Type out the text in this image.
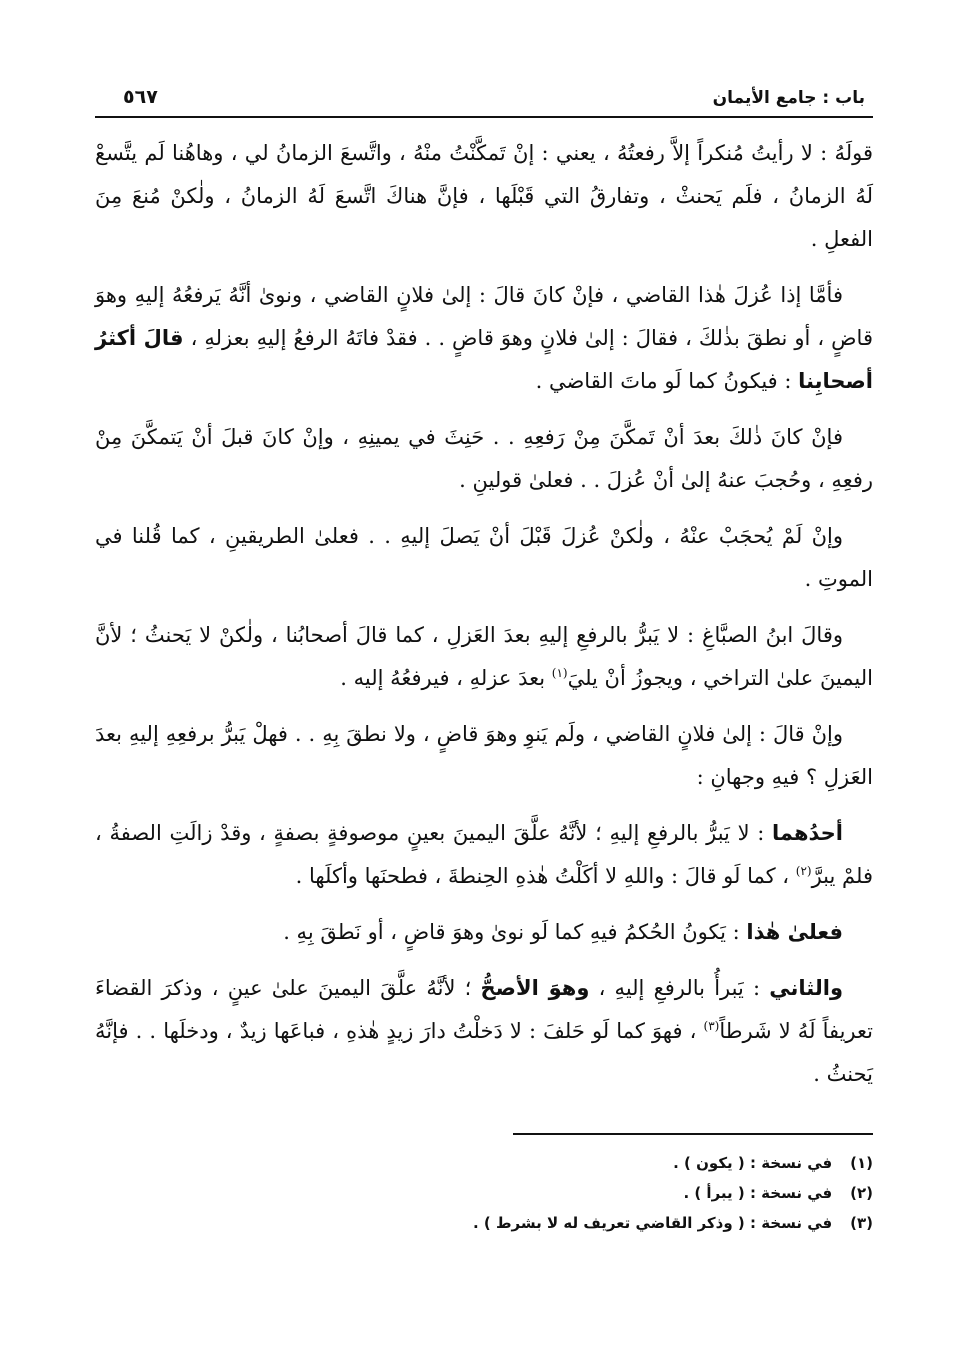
باب : جامع الأيمان
٥٦٧

قولَهُ : لا رأيتُ مُنكراً إلاَّ رفعتُهُ ، يعني : إنْ تَمكَّنْتُ منْهُ ، واتَّسعَ الزمانُ لي ، وهاهُنا لَم يتَّسعْ لَهُ الزمانُ ، فلَم يَحنثْ ، وتفارقُ التي قَبْلَها ، فإنَّ هناكَ اتَّسعَ لَهُ الزمانُ ، ولٰكنْ مُنعَ مِنَ الفعلِ .

فأمَّا إذا عُزلَ هٰذا القاضي ، فإنْ كانَ قالَ : إلىٰ فلانٍ القاضي ، ونوىٰ أنَّهُ يَرفعُهُ إليهِ وهوَ قاضٍ ، أو نطقَ بذٰلكَ ، فقالَ : إلىٰ فلانٍ وهوَ قاضٍ . . فقدْ فاتَهُ الرفعُ إليهِ بعزلهِ ، قالَ أكثرُ أصحابِنا : فيكونُ كما لَو ماتَ القاضي .

فإنْ كانَ ذٰلكَ بعدَ أنْ تَمكَّنَ مِنْ رَفعِهِ . . حَنِثَ في يمينِهِ ، وإنْ كانَ قبلَ أنْ يَتمكَّنَ مِنْ رفعِهِ ، وحُجبَ عنهُ إلىٰ أنْ عُزلَ . . فعلىٰ قولينِ .

وإنْ لَمْ يُحجَبْ عنْهُ ، ولٰكنْ عُزلَ قَبْلَ أنْ يَصلَ إليهِ . . فعلىٰ الطريقينِ ، كما قُلنا في الموتِ .

وقالَ ابنُ الصبَّاغِ : لا يَبرُّ بالرفعِ إليهِ بعدَ العَزلِ ، كما قالَ أصحابُنا ، ولٰكنْ لا يَحنثُ ؛ لأنَّ اليمينَ علىٰ التراخي ، ويجوزُ أنْ يليَ$^{(١)}$ بعدَ عزلهِ ، فيرفعُهُ إليه .

وإنْ قالَ : إلىٰ فلانٍ القاضي ، ولَم يَنوِ وهوَ قاضٍ ، ولا نطقَ بِهِ . . فهلْ يَبرُّ برفعِهِ إليهِ بعدَ العَزلِ ؟ فيهِ وجهانِ :

أحدُهما : لا يَبرُّ بالرفعِ إليهِ ؛ لأنَّهُ علَّقَ اليمينَ بعينٍ موصوفةٍ بصفةٍ ، وقدْ زالَتِ الصفةُ ، فلمْ يبرَّ$^{(٢)}$ ، كما لَو قالَ : واللهِ لا أكَلْتُ هٰذهِ الحِنطةَ ، فطحنَها وأكلَها .

فعلىٰ هٰذا : يَكونُ الحُكمُ فيهِ كما لَو نوىٰ وهوَ قاضٍ ، أو نَطقَ بِهِ .

والثاني : يَبرأُ بالرفعِ إليهِ ، وهوَ الأصحُّ ؛ لأنَّهُ علَّقَ اليمينَ علىٰ عينٍ ، وذكرَ القضاءَ تعريفاً لَهُ لا شَرطاً$^{(٣)}$ ، فهوَ كما لَو حَلفَ : لا دَخلْتُ دارَ زيدٍ هٰذهِ ، فباعَها زيدٌ ، ودخلَها . . فإنَّهُ يَحنثُ .

(١) في نسخة : ( يكون ) .
(٢) في نسخة : ( يبرأ ) .
(٣) في نسخة : ( وذكر القاضي تعريف له لا بشرط ) .
